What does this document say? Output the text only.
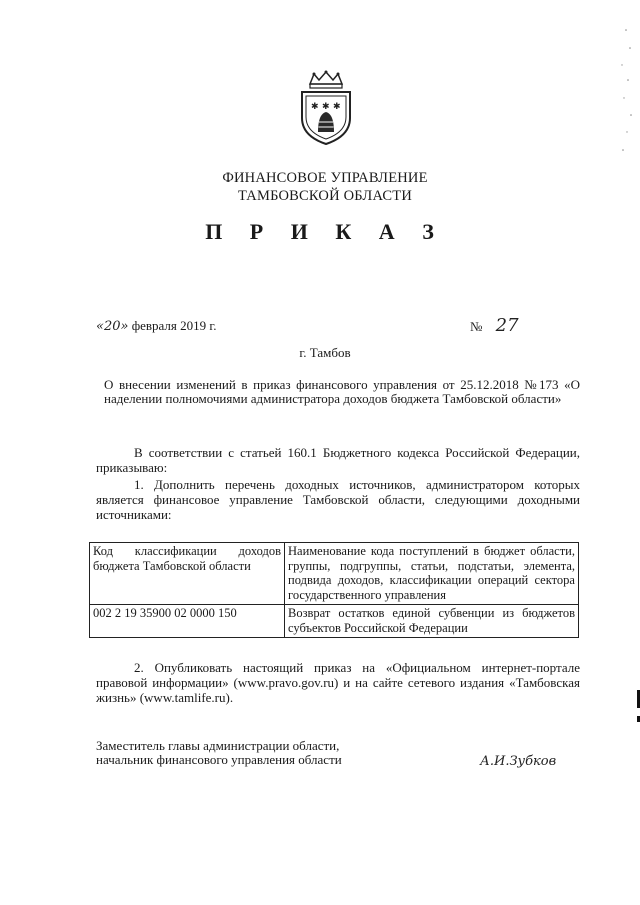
✱ ✱ ✱
ФИНАНСОВОЕ УПРАВЛЕНИЕ
ТАМБОВСКОЙ ОБЛАСТИ
П Р И К А З
«20» февраля 2019 г.	№ 27
г. Тамбов
О внесении изменений в приказ финансового управления от 25.12.2018 №173 «О наделении полномочиями администратора доходов бюджета Тамбовской области»
В соответствии с статьей 160.1 Бюджетного кодекса Российской Федерации, приказываю:
1. Дополнить перечень доходных источников, администратором которых является финансовое управление Тамбовской области, следующими доходными источниками:
Код классификации доходов бюджета Тамбовской области	Наименование кода поступлений в бюджет области, группы, подгруппы, статьи, подстатьи, элемента, подвида доходов, классификации операций сектора государственного управления
002 2 19 35900 02 0000 150	Возврат остатков единой субвенции из бюджетов субъектов Российской Федерации
2. Опубликовать настоящий приказ на «Официальном интернет-портале правовой информации» (www.pravo.gov.ru) и на сайте сетевого издания «Тамбовская жизнь» (www.tamlife.ru).
Заместитель главы администрации области,
начальник финансового управления области	А.И.Зубков
